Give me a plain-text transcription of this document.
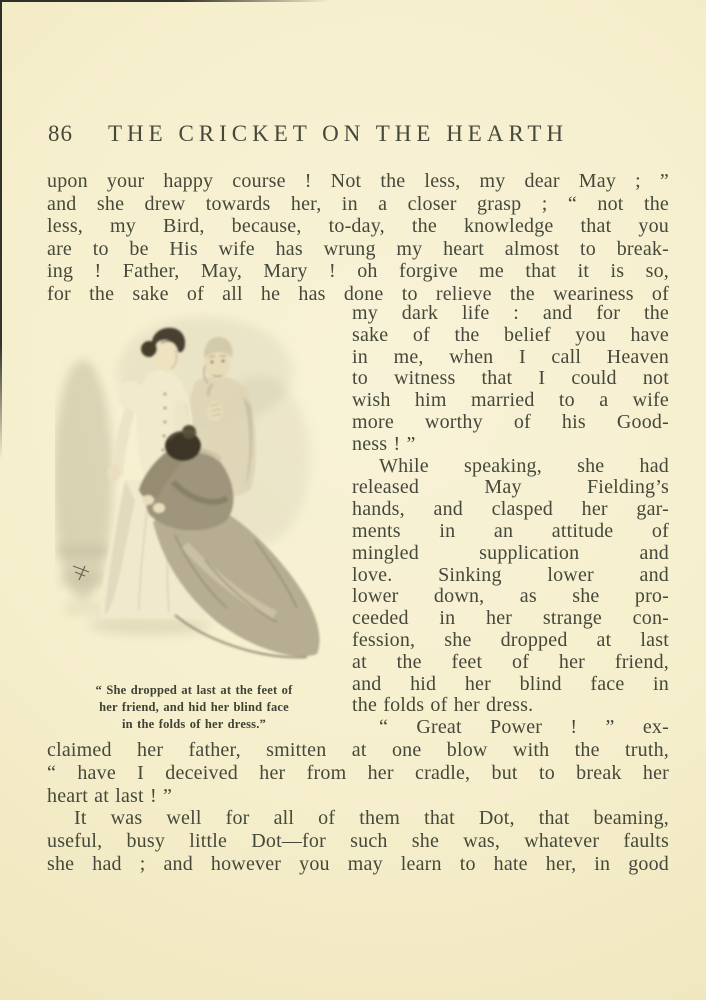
86	THE CRICKET ON THE HEARTH
upon your happy course ! Not the less, my dear May ; ”
and she drew towards her, in a closer grasp ; “ not the
less, my Bird, because, to-day, the knowledge that you
are to be His wife has wrung my heart almost to break-
ing ! Father, May, Mary ! oh forgive me that it is so,
for the sake of all he has done to relieve the weariness of
“ She dropped at last at the feet of
her friend, and hid her blind face
in the folds of her dress.”
my dark life : and for the
sake of the belief you have
in me, when I call Heaven
to witness that I could not
wish him married to a wife
more worthy of his Good-
ness ! ”
While speaking, she had
released May Fielding’s
hands, and clasped her gar-
ments in an attitude of
mingled supplication and
love. Sinking lower and
lower down, as she pro-
ceeded in her strange con-
fession, she dropped at last
at the feet of her friend,
and hid her blind face in
the folds of her dress.
“ Great Power ! ” ex-
claimed her father, smitten at one blow with the truth,
“ have I deceived her from her cradle, but to break her
heart at last ! ”
It was well for all of them that Dot, that beaming,
useful, busy little Dot—for such she was, whatever faults
she had ; and however you may learn to hate her, in good
